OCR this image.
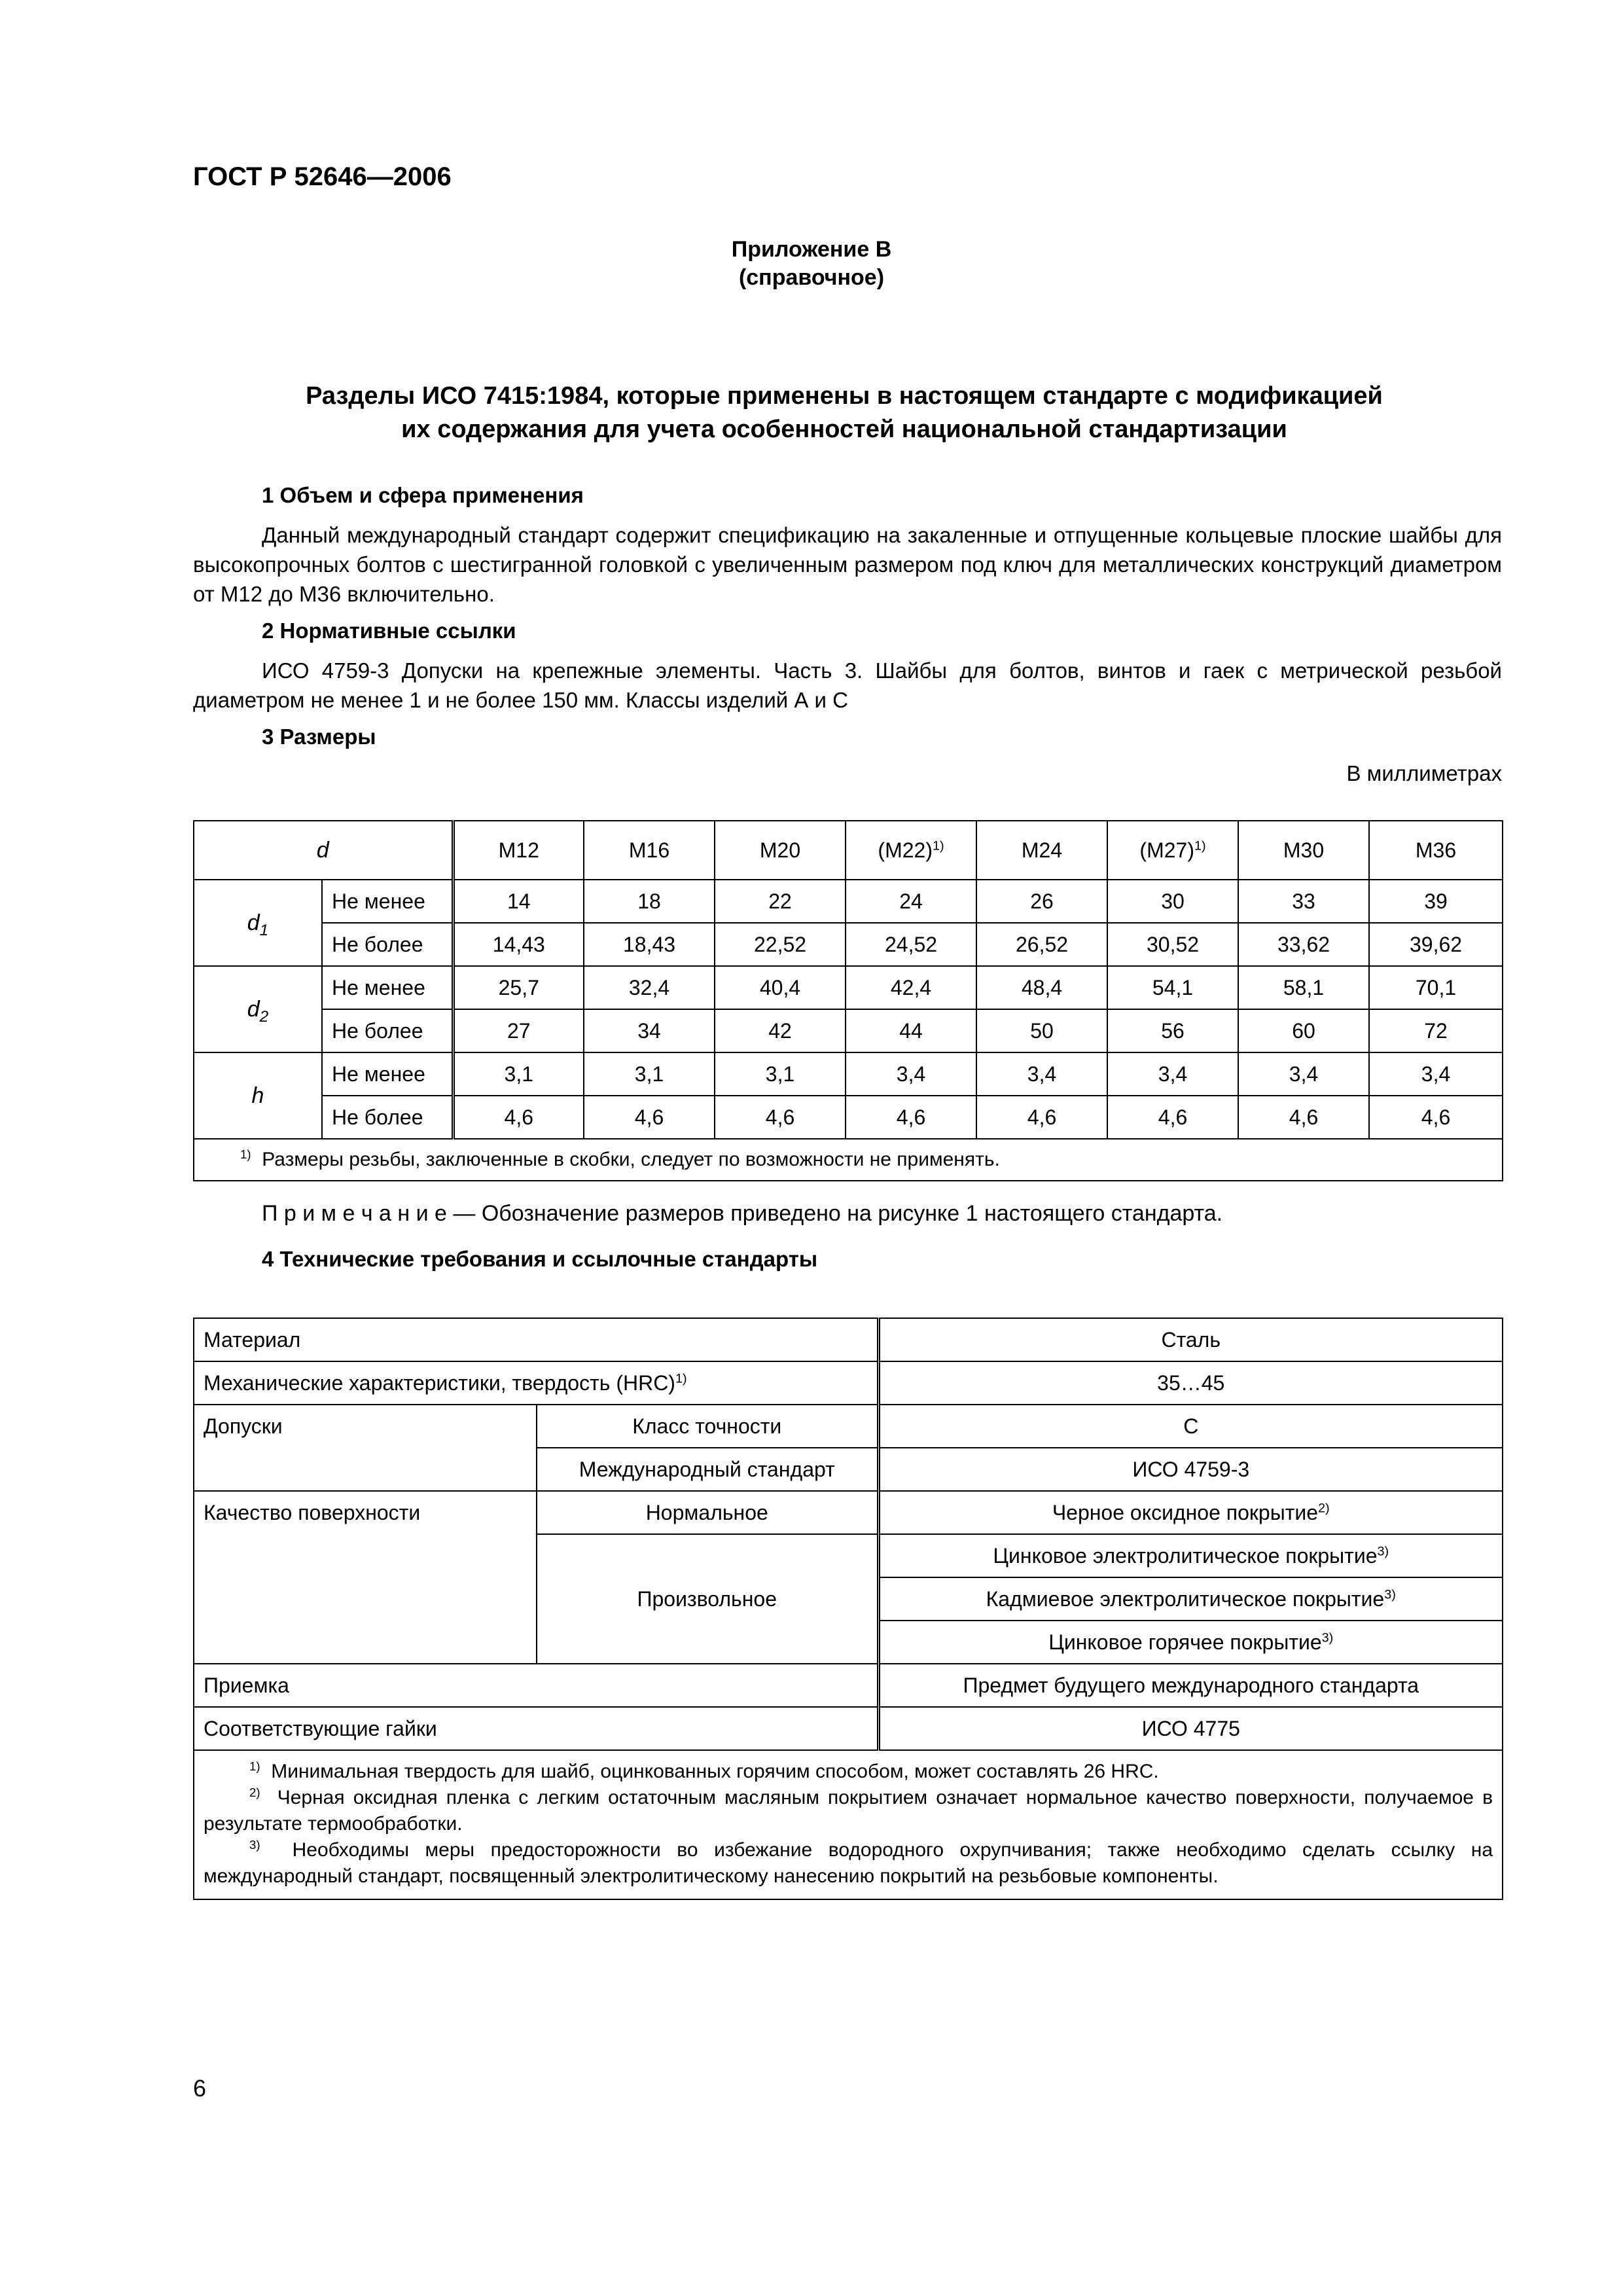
ГОСТ Р 52646—2006
Приложение В
(справочное)
Разделы ИСО 7415:1984, которые применены в настоящем стандарте с модификацией
их содержания для учета особенностей национальной стандартизации
1 Объем и сфера применения
Данный международный стандарт содержит спецификацию на закаленные и отпущенные кольцевые плоские шайбы для высокопрочных болтов с шестигранной головкой с увеличенным размером под ключ для металлических конструкций диаметром от М12 до М36 включительно.
2 Нормативные ссылки
ИСО 4759-3 Допуски на крепежные элементы. Часть 3. Шайбы для болтов, винтов и гаек с метрической резьбой диаметром не менее 1 и не более 150 мм. Классы изделий А и С
3 Размеры
В миллиметрах
d		М12	М16	М20	$(М22)^{1)}$	М24	$(М27)^{1)}$	М30	М36
$d_1$	Не менее	14	18	22	24	26	30	33	39
	Не более	14,43	18,43	22,52	24,52	26,52	30,52	33,62	39,62
$d_2$	Не менее	25,7	32,4	40,4	42,4	48,4	54,1	58,1	70,1
	Не более	27	34	42	44	50	56	60	72
h	Не менее	3,1	3,1	3,1	3,4	3,4	3,4	3,4	3,4
	Не более	4,6	4,6	4,6	4,6	4,6	4,6	4,6	4,6
$^{1)}$ Размеры резьбы, заключенные в скобки, следует по возможности не применять.									
П р и м е ч а н и е — Обозначение размеров приведено на рисунке 1 настоящего стандарта.
4 Технические требования и ссылочные стандарты
Материал		Сталь
Механические характеристики, твердость (HRC)$^{1)}$		35…45
Допуски	Класс точности	С
	Международный стандарт	ИСО 4759-3
Качество поверхности	Нормальное	Черное оксидное покрытие$^{2)}$
	Произвольное	Цинковое электролитическое покрытие$^{3)}$
		Кадмиевое электролитическое покрытие$^{3)}$
		Цинковое горячее покрытие$^{3)}$
Приемка		Предмет будущего международного стандарта
Соответствующие гайки		ИСО 4775

$^{1)}$ Минимальная твердость для шайб, оцинкованных горячим способом, может составлять 26 HRC.
$^{2)}$ Черная оксидная пленка с легким остаточным масляным покрытием означает нормальное качество поверхности, получаемое в результате термообработки.
$^{3)}$ Необходимы меры предосторожности во избежание водородного охрупчивания; также необходимо сделать ссылку на международный стандарт, посвященный электролитическому нанесению покрытий на резьбовые компоненты.		
6
